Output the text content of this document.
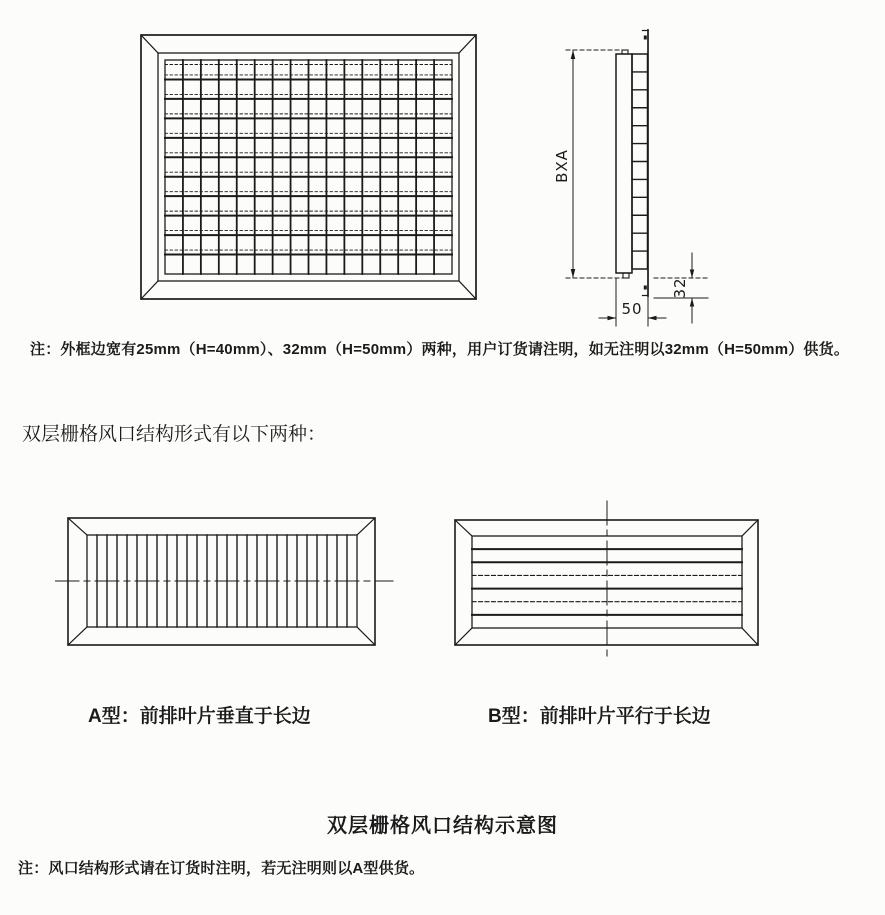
BXA
50
32
注：外框边宽有25mm（H=40mm）、32mm（H=50mm）两种，用户订货请注明，如无注明以32mm（H=50mm）供货。
双层栅格风口结构形式有以下两种：
A型：前排叶片垂直于长边	B型：前排叶片平行于长边
双层栅格风口结构示意图
注：风口结构形式请在订货时注明，若无注明则以A型供货。
